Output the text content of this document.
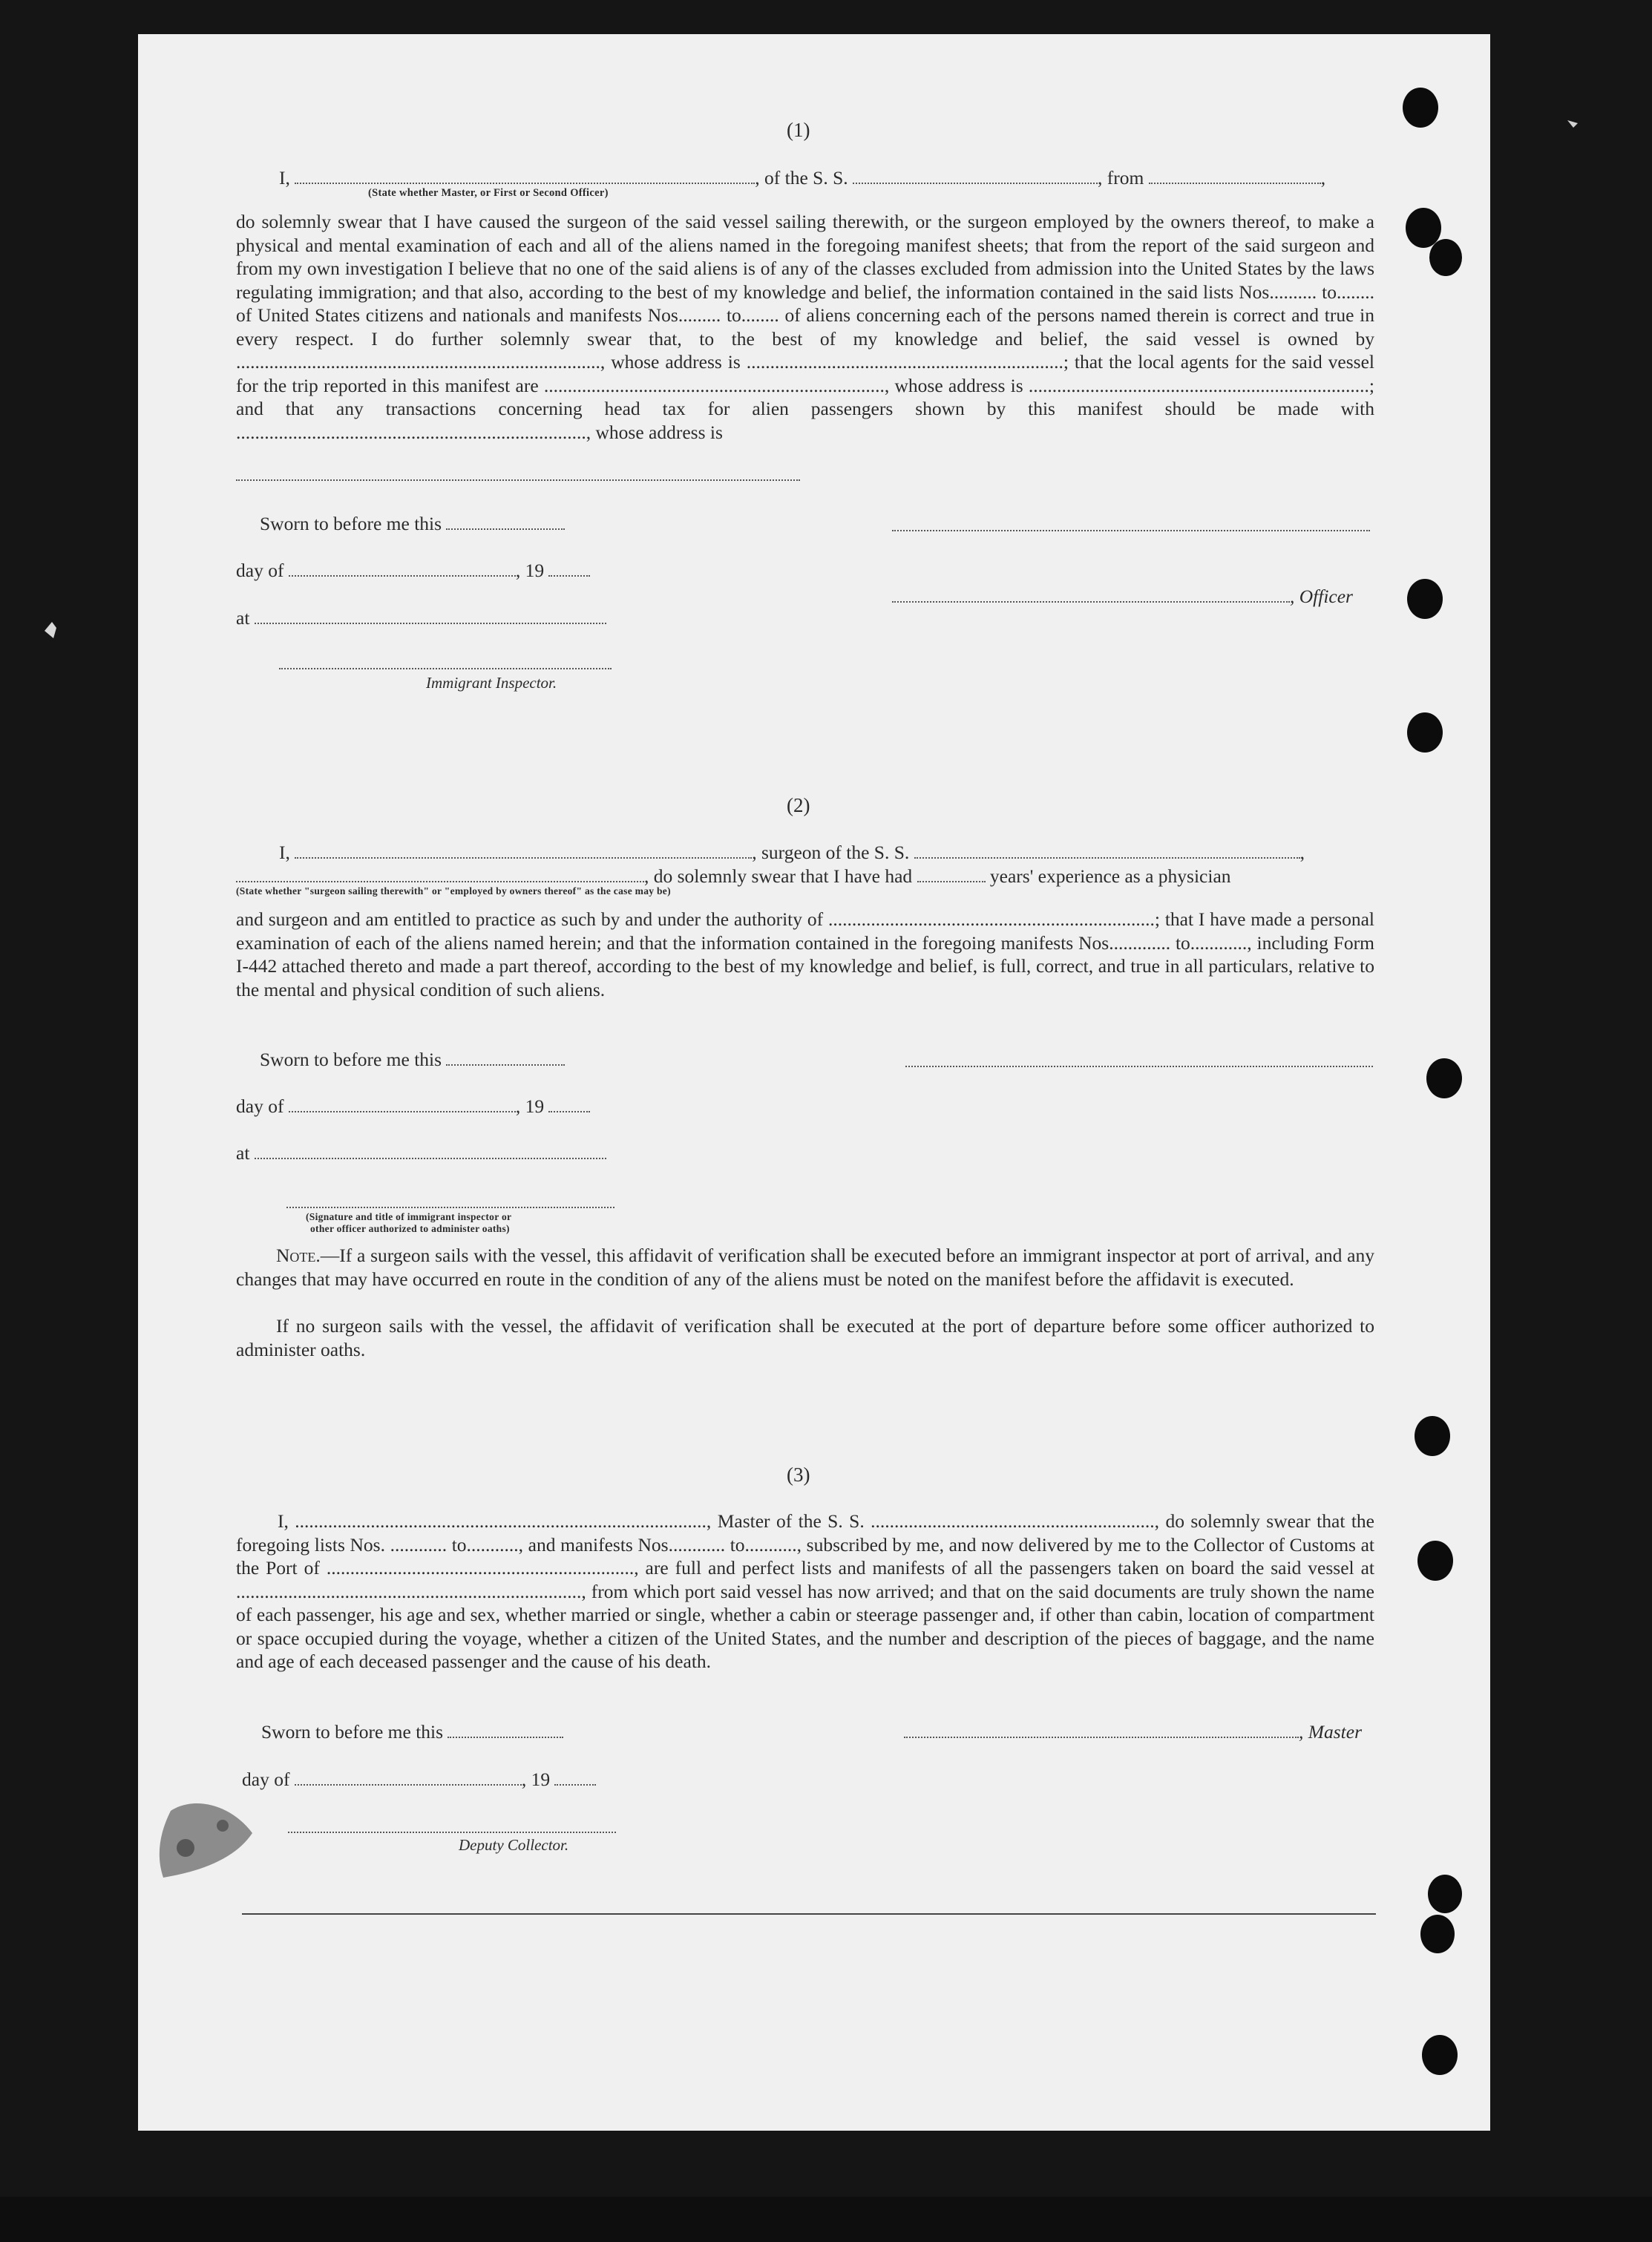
(1)
I,	, of the S. S.	, from	,
(State whether Master, or First or Second Officer)
do solemnly swear that I have caused the surgeon of the said vessel sailing therewith, or the surgeon employed by the owners thereof, to make a physical and mental examination of each and all of the aliens named in the foregoing manifest sheets; that from the report of the said surgeon and from my own investigation I believe that no one of the said aliens is of any of the classes excluded from admission into the United States by the laws regulating immigration; and that also, according to the best of my knowledge and belief, the information contained in the said lists Nos.......... to........ of United States citizens and nationals and manifests Nos......... to........ of aliens concerning each of the persons named therein is correct and true in every respect. I do further solemnly swear that, to the best of my knowledge and belief, the said vessel is owned by ............................................................................., whose address is ...................................................................; that the local agents for the said vessel for the trip reported in this manifest are ........................................................................, whose address is ........................................................................; and that any transactions concerning head tax for alien passengers shown by this manifest should be made with .........................................................................., whose address is
Sworn to before me this
day of	, 19
, Officer
at
Immigrant Inspector.
(2)
I,	, surgeon of the S. S.	,
, do solemnly swear that I have had	years' experience as a physician
(State whether "surgeon sailing therewith" or "employed by owners thereof" as the case may be)
and surgeon and am entitled to practice as such by and under the authority of .....................................................................; that I have made a personal examination of each of the aliens named herein; and that the information contained in the foregoing manifests Nos............. to............, including Form I-442 attached thereto and made a part thereof, according to the best of my knowledge and belief, is full, correct, and true in all particulars, relative to the mental and physical condition of such aliens.
Sworn to before me this
day of	, 19
at
(Signature and title of immigrant inspector or
other officer authorized to administer oaths)
Note.—If a surgeon sails with the vessel, this affidavit of verification shall be executed before an immigrant inspector at port of arrival, and any changes that may have occurred en route in the condition of any of the aliens must be noted on the manifest before the affidavit is executed.
If no surgeon sails with the vessel, the affidavit of verification shall be executed at the port of departure before some officer authorized to administer oaths.
(3)
I, ......................................................................................., Master of the S. S. ............................................................, do solemnly swear that the foregoing lists Nos. ............ to..........., and manifests Nos............ to..........., subscribed by me, and now delivered by me to the Collector of Customs at the Port of ................................................................., are full and perfect lists and manifests of all the passengers taken on board the said vessel at ........................................................................., from which port said vessel has now arrived; and that on the said documents are truly shown the name of each passenger, his age and sex, whether married or single, whether a cabin or steerage passenger and, if other than cabin, location of compartment or space occupied during the voyage, whether a citizen of the United States, and the number and description of the pieces of baggage, and the name and age of each deceased passenger and the cause of his death.
Sworn to before me this	, Master
day of	, 19
Deputy Collector.
